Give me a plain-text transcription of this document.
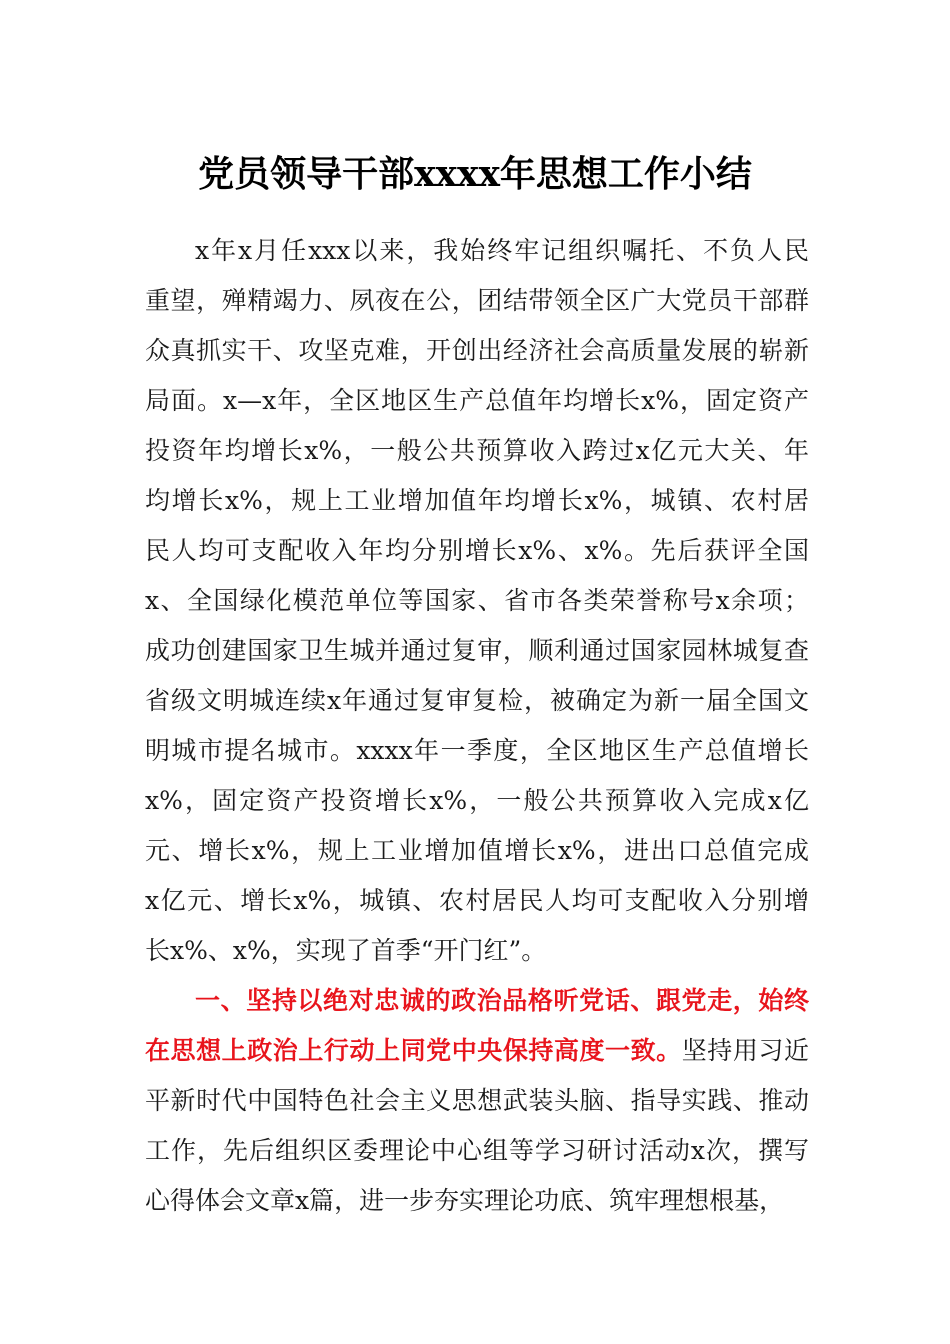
党员领导干部xxxx年思想工作小结
x年x月任xxx以来，我始终牢记组织嘱托、不负人民
重望，殚精竭力、夙夜在公，团结带领全区广大党员干部群
众真抓实干、攻坚克难，开创出经济社会高质量发展的崭新
局面。x—x年，全区地区生产总值年均增长x%，固定资产
投资年均增长x%，一般公共预算收入跨过x亿元大关、年
均增长x%，规上工业增加值年均增长x%，城镇、农村居
民人均可支配收入年均分别增长x%、x%。先后获评全国
x、全国绿化模范单位等国家、省市各类荣誉称号x余项；
成功创建国家卫生城并通过复审，顺利通过国家园林城复查
省级文明城连续x年通过复审复检，被确定为新一届全国文
明城市提名城市。xxxx年一季度，全区地区生产总值增长
x%，固定资产投资增长x%，一般公共预算收入完成x亿
元、增长x%，规上工业增加值增长x%，进出口总值完成
x亿元、增长x%，城镇、农村居民人均可支配收入分别增
长x%、x%，实现了首季“开门红”。
一、坚持以绝对忠诚的政治品格听党话、跟党走，始终
在思想上政治上行动上同党中央保持高度一致。坚持用习近
平新时代中国特色社会主义思想武装头脑、指导实践、推动
工作，先后组织区委理论中心组等学习研讨活动x次，撰写
心得体会文章x篇，进一步夯实理论功底、筑牢理想根基，
